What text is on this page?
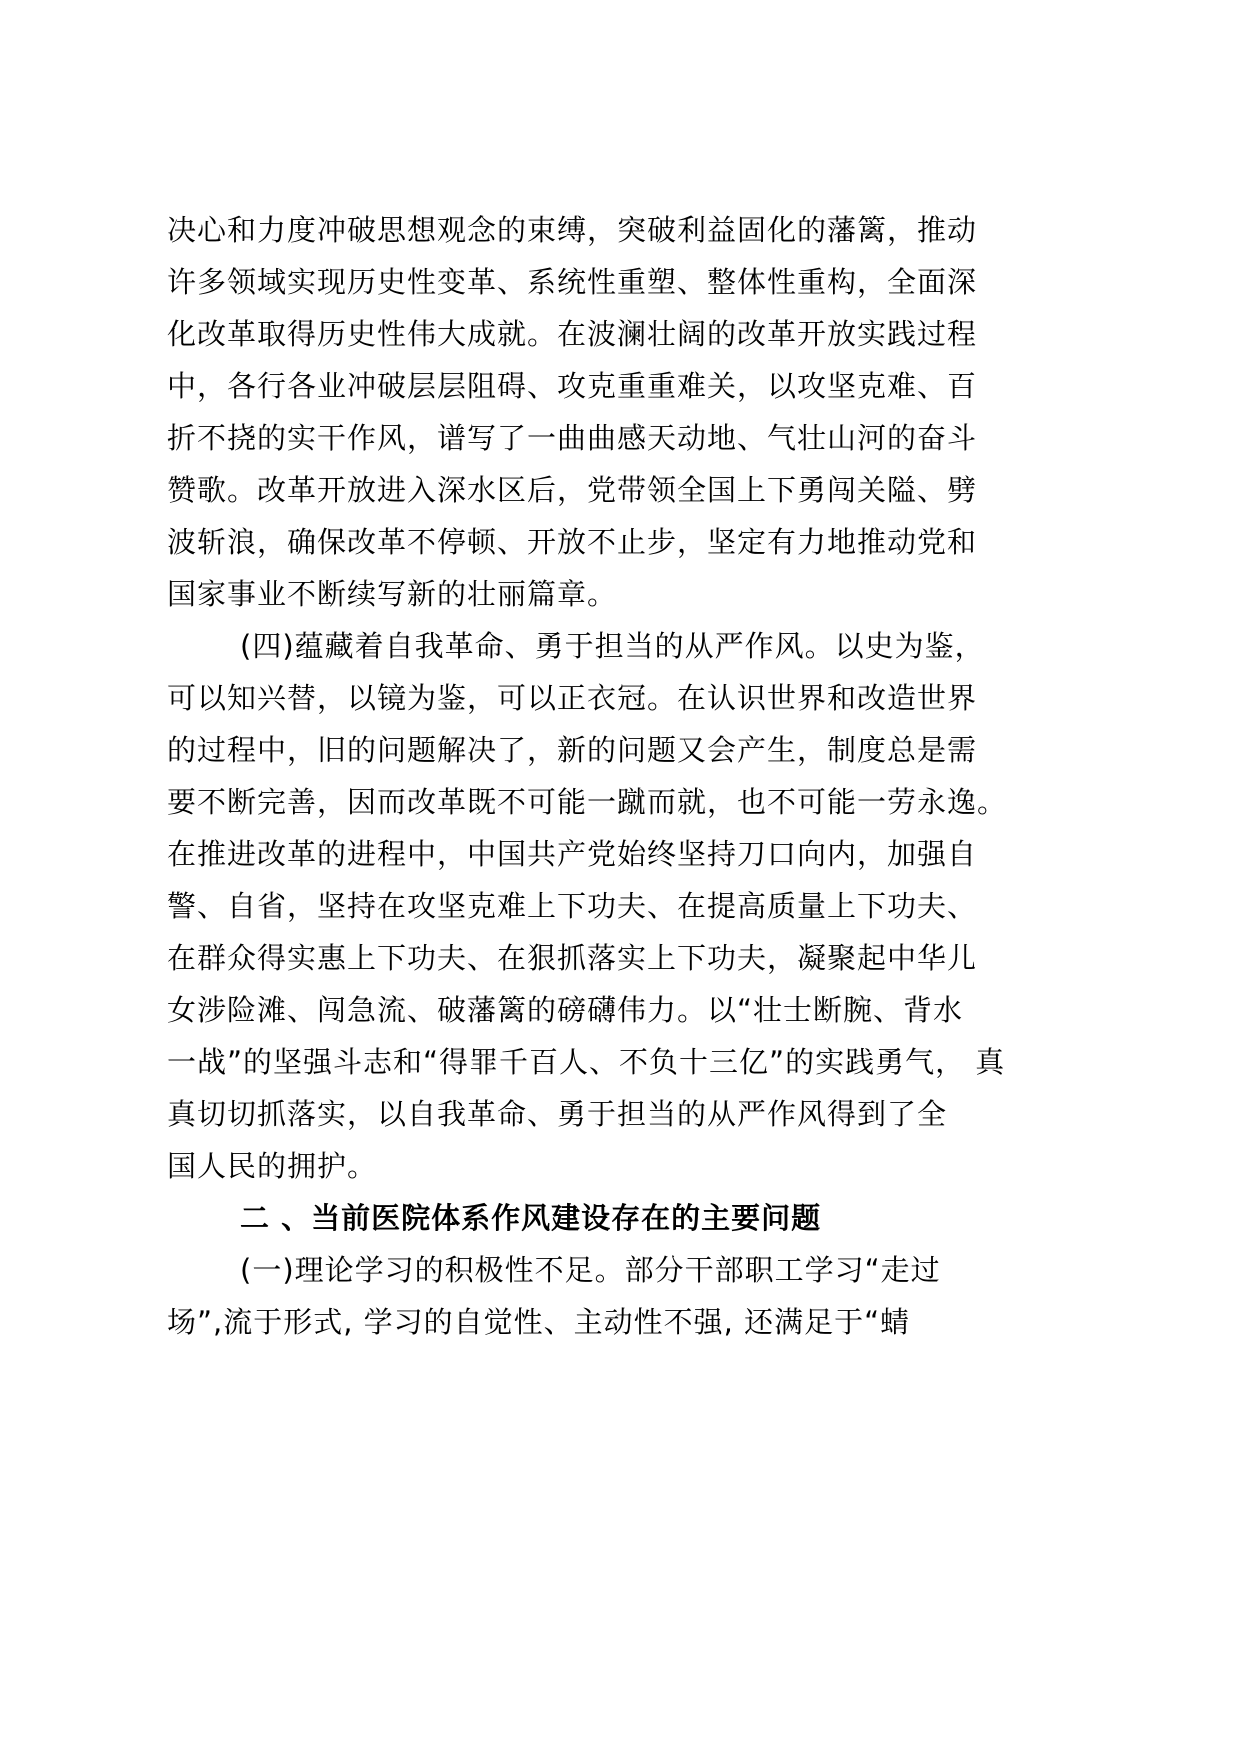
决心和力度冲破思想观念的束缚，突破利益固化的藩篱，推动
许多领域实现历史性变革、系统性重塑、整体性重构，全面深
化改革取得历史性伟大成就。在波澜壮阔的改革开放实践过程
中，各行各业冲破层层阻碍、攻克重重难关，以攻坚克难、百
折不挠的实干作风，谱写了一曲曲感天动地、气壮山河的奋斗
赞歌。改革开放进入深水区后，党带领全国上下勇闯关隘、劈
波斩浪，确保改革不停顿、开放不止步，坚定有力地推动党和
国家事业不断续写新的壮丽篇章。
(四)蕴藏着自我革命、勇于担当的从严作风。以史为鉴，
可以知兴替，以镜为鉴，可以正衣冠。在认识世界和改造世界
的过程中，旧的问题解决了，新的问题又会产生，制度总是需
要不断完善，因而改革既不可能一蹴而就，也不可能一劳永逸。
在推进改革的进程中，中国共产党始终坚持刀口向内，加强自
警、自省，坚持在攻坚克难上下功夫、在提高质量上下功夫、
在群众得实惠上下功夫、在狠抓落实上下功夫，凝聚起中华儿
女涉险滩、闯急流、破藩篱的磅礴伟力。以“壮士断腕、背水
一战”的坚强斗志和“得罪千百人、不负十三亿”的实践勇气， 真
真切切抓落实，以自我革命、勇于担当的从严作风得到了全
国人民的拥护。
二 、当前医院体系作风建设存在的主要问题
(一)理论学习的积极性不足。部分干部职工学习“走过
场”,流于形式, 学习的自觉性、主动性不强, 还满足于“蜻
